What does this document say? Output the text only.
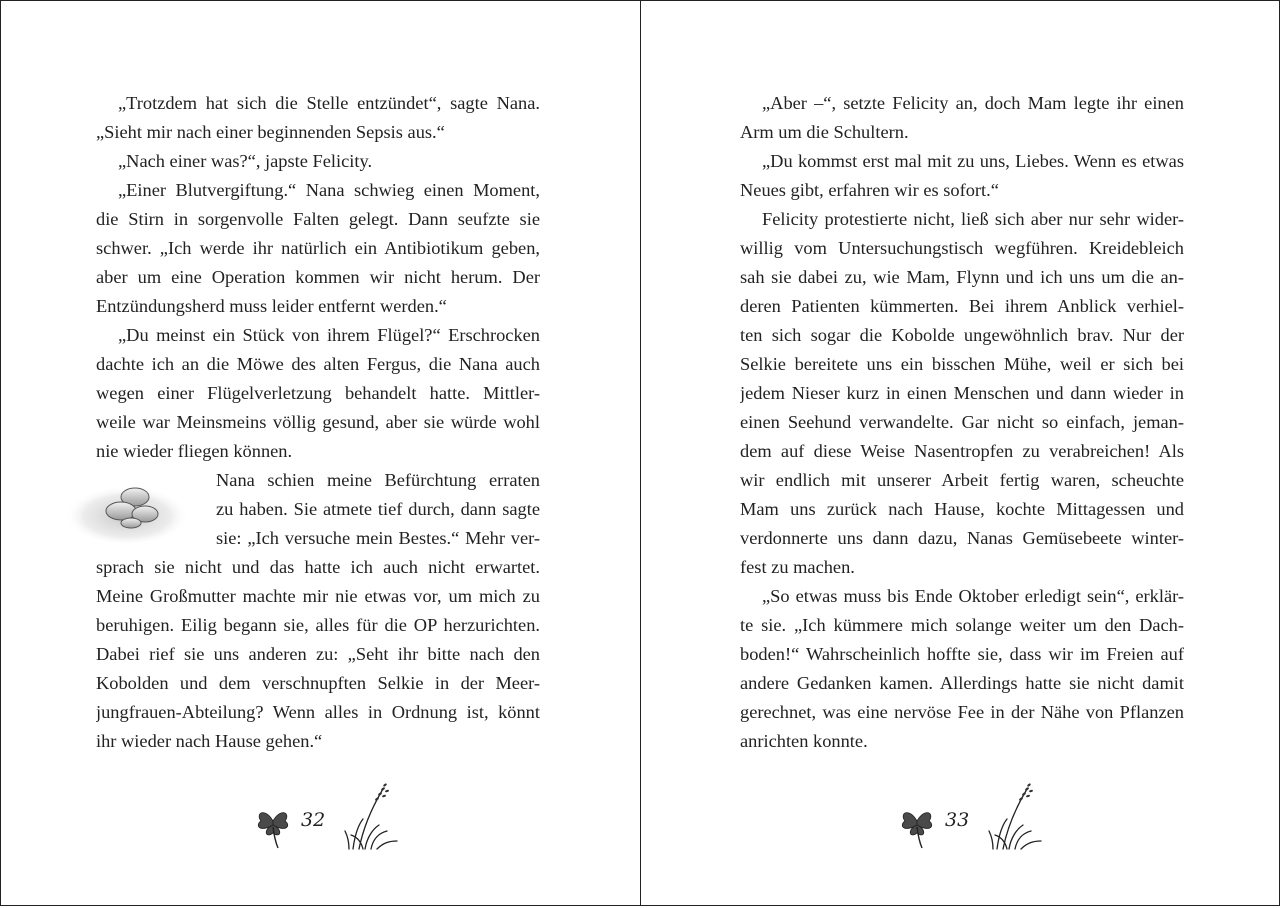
„Trotzdem hat sich die Stelle entzündet“, sagte Nana.
„Sieht mir nach einer beginnenden Sepsis aus.“
„Nach einer was?“, japste Felicity.
„Einer Blutvergiftung.“ Nana schwieg einen Moment,
die Stirn in sorgenvolle Falten gelegt. Dann seufzte sie
schwer. „Ich werde ihr natürlich ein Antibiotikum geben,
aber um eine Operation kommen wir nicht herum. Der
Entzündungsherd muss leider entfernt werden.“
„Du meinst ein Stück von ihrem Flügel?“ Erschrocken
dachte ich an die Möwe des alten Fergus, die Nana auch
wegen einer Flügelverletzung behandelt hatte. Mittler-
weile war Meinsmeins völlig gesund, aber sie würde wohl
nie wieder fliegen können.
Nana schien meine Befürchtung erraten
zu haben. Sie atmete tief durch, dann sagte
sie: „Ich versuche mein Bestes.“ Mehr ver-
sprach sie nicht und das hatte ich auch nicht erwartet.
Meine Großmutter machte mir nie etwas vor, um mich zu
beruhigen. Eilig begann sie, alles für die OP herzurichten.
Dabei rief sie uns anderen zu: „Seht ihr bitte nach den
Kobolden und dem verschnupften Selkie in der Meer-
jungfrauen-Abteilung? Wenn alles in Ordnung ist, könnt
ihr wieder nach Hause gehen.“
32
„Aber –“, setzte Felicity an, doch Mam legte ihr einen
Arm um die Schultern.
„Du kommst erst mal mit zu uns, Liebes. Wenn es etwas
Neues gibt, erfahren wir es sofort.“
Felicity protestierte nicht, ließ sich aber nur sehr wider-
willig vom Untersuchungstisch wegführen. Kreidebleich
sah sie dabei zu, wie Mam, Flynn und ich uns um die an-
deren Patienten kümmerten. Bei ihrem Anblick verhiel-
ten sich sogar die Kobolde ungewöhnlich brav. Nur der
Selkie bereitete uns ein bisschen Mühe, weil er sich bei
jedem Nieser kurz in einen Menschen und dann wieder in
einen Seehund verwandelte. Gar nicht so einfach, jeman-
dem auf diese Weise Nasentropfen zu verabreichen! Als
wir endlich mit unserer Arbeit fertig waren, scheuchte
Mam uns zurück nach Hause, kochte Mittagessen und
verdonnerte uns dann dazu, Nanas Gemüsebeete winter-
fest zu machen.
„So etwas muss bis Ende Oktober erledigt sein“, erklär-
te sie. „Ich kümmere mich solange weiter um den Dach-
boden!“ Wahrscheinlich hoffte sie, dass wir im Freien auf
andere Gedanken kamen. Allerdings hatte sie nicht damit
gerechnet, was eine nervöse Fee in der Nähe von Pflanzen
anrichten konnte.
33
